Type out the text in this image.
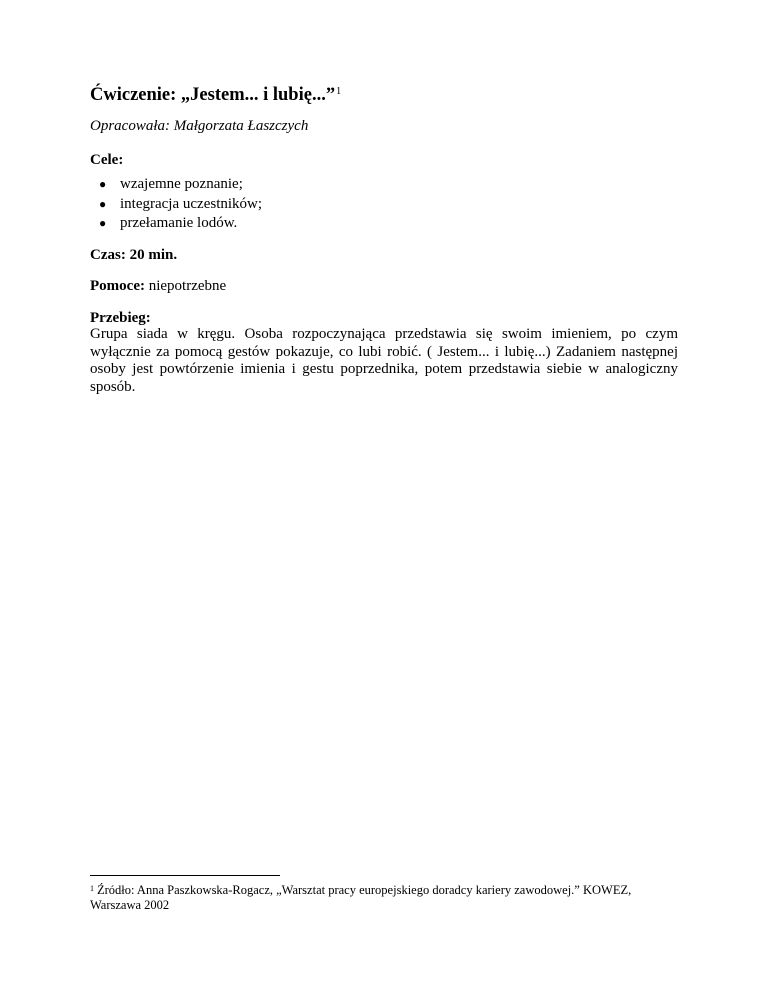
Ćwiczenie: „Jestem... i lubię...”$^1$
Opracowała: Małgorzata Łaszczych
Cele:
● wzajemne poznanie;
● integracja uczestników;
● przełamanie lodów.
Czas: 20 min.
Pomoce: niepotrzebne
Przebieg:
Grupa siada w kręgu. Osoba rozpoczynająca przedstawia się swoim imieniem, po czym wyłącznie za pomocą gestów pokazuje, co lubi robić. ( Jestem... i lubię...) Zadaniem następnej osoby jest powtórzenie imienia i gestu poprzednika, potem przedstawia siebie w analogiczny sposób.
$^1$ Źródło: Anna Paszkowska-Rogacz, „Warsztat pracy europejskiego doradcy kariery zawodowej.” KOWEZ,
Warszawa 2002
